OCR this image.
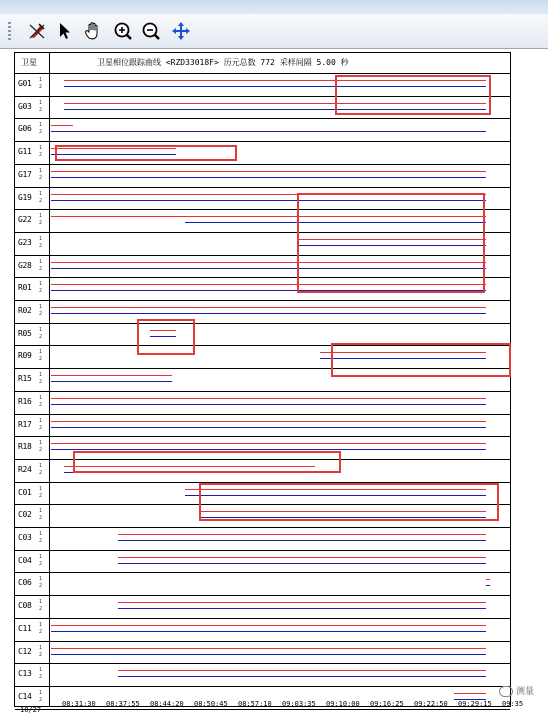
卫星	卫星相位跟踪曲线 <RZD33018F> 历元总数 772 采样间隔 5.00 秒
G01 1
2
G03 1
2
G06 1
2
G11 1
2
G17 1
2
G19 1
2
G22 1
2
G23 1
2
G28 1
2
R01 1
2
R02 1
2
R05 1
2
R09 1
2
R15 1
2
R16 1
2
R17 1
2
R18 1
2
R24 1
2
C01 1
2
C02 1
2
C03 1
2
C04 1
2
C06 1
2
C08 1
2
C11 1
2
C12 1
2
C13 1
2
C14 1
2
10/27
08:31:30 08:37:55 08:44:20 08:50:45 08:57:10 09:03:35 09:10:00 09:16:25 09:22:50 09:29:15 09:35
测量
